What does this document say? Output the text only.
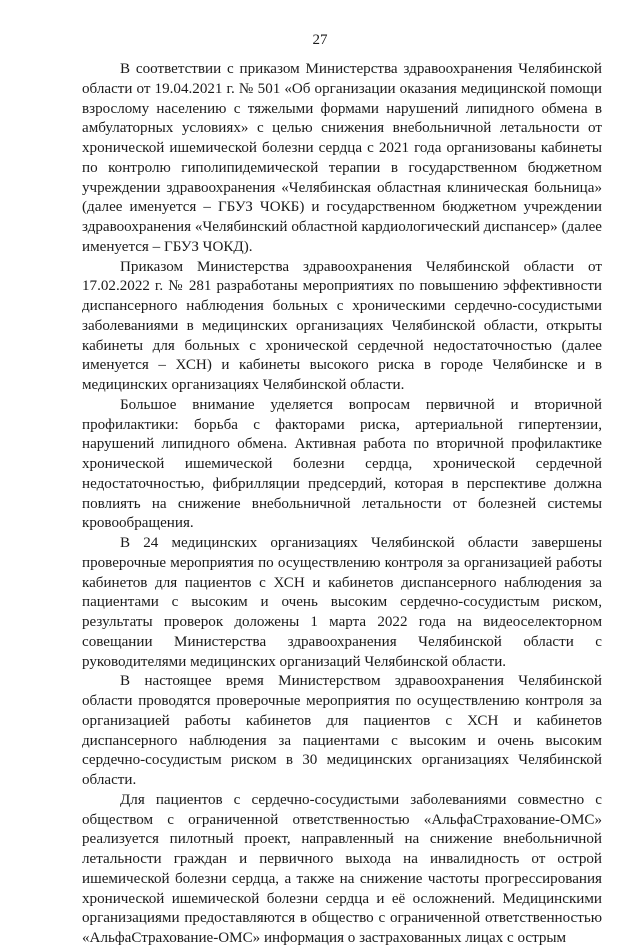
27

В соответствии с приказом Министерства здравоохранения Челябинской области от 19.04.2021 г. № 501 «Об организации оказания медицинской помощи взрослому населению с тяжелыми формами нарушений липидного обмена в амбулаторных условиях» с целью снижения внебольничной летальности от хронической ишемической болезни сердца с 2021 года организованы кабинеты по контролю гиполипидемической терапии в государственном бюджетном учреждении здравоохранения «Челябинская областная клиническая больница» (далее именуется – ГБУЗ ЧОКБ) и государственном бюджетном учреждении здравоохранения «Челябинский областной кардиологический диспансер» (далее именуется – ГБУЗ ЧОКД).

Приказом Министерства здравоохранения Челябинской области от 17.02.2022 г. № 281 разработаны мероприятиях по повышению эффективности диспансерного наблюдения больных с хроническими сердечно-сосудистыми заболеваниями в медицинских организациях Челябинской области, открыты кабинеты для больных с хронической сердечной недостаточностью (далее именуется – ХСН) и кабинеты высокого риска в городе Челябинске и в медицинских организациях Челябинской области.

Большое внимание уделяется вопросам первичной и вторичной профилактики: борьба с факторами риска, артериальной гипертензии, нарушений липидного обмена. Активная работа по вторичной профилактике хронической ишемической болезни сердца, хронической сердечной недостаточностью, фибрилляции предсердий, которая в перспективе должна повлиять на снижение внебольничной летальности от болезней системы кровообращения.

В 24 медицинских организациях Челябинской области завершены проверочные мероприятия по осуществлению контроля за организацией работы кабинетов для пациентов с ХСН и кабинетов диспансерного наблюдения за пациентами с высоким и очень высоким сердечно-сосудистым риском, результаты проверок доложены 1 марта 2022 года на видеоселекторном совещании Министерства здравоохранения Челябинской области с руководителями медицинских организаций Челябинской области.

В настоящее время Министерством здравоохранения Челябинской области проводятся проверочные мероприятия по осуществлению контроля за организацией работы кабинетов для пациентов с ХСН и кабинетов диспансерного наблюдения за пациентами с высоким и очень высоким сердечно-сосудистым риском в 30 медицинских организациях Челябинской области.

Для пациентов с сердечно-сосудистыми заболеваниями совместно с обществом с ограниченной ответственностью «АльфаСтрахование-ОМС» реализуется пилотный проект, направленный на снижение внебольничной летальности граждан и первичного выхода на инвалидность от острой ишемической болезни сердца, а также на снижение частоты прогрессирования хронической ишемической болезни сердца и её осложнений. Медицинскими организациями предоставляются в общество с ограниченной ответственностью «АльфаСтрахование-ОМС» информация о застрахованных лицах с острым
